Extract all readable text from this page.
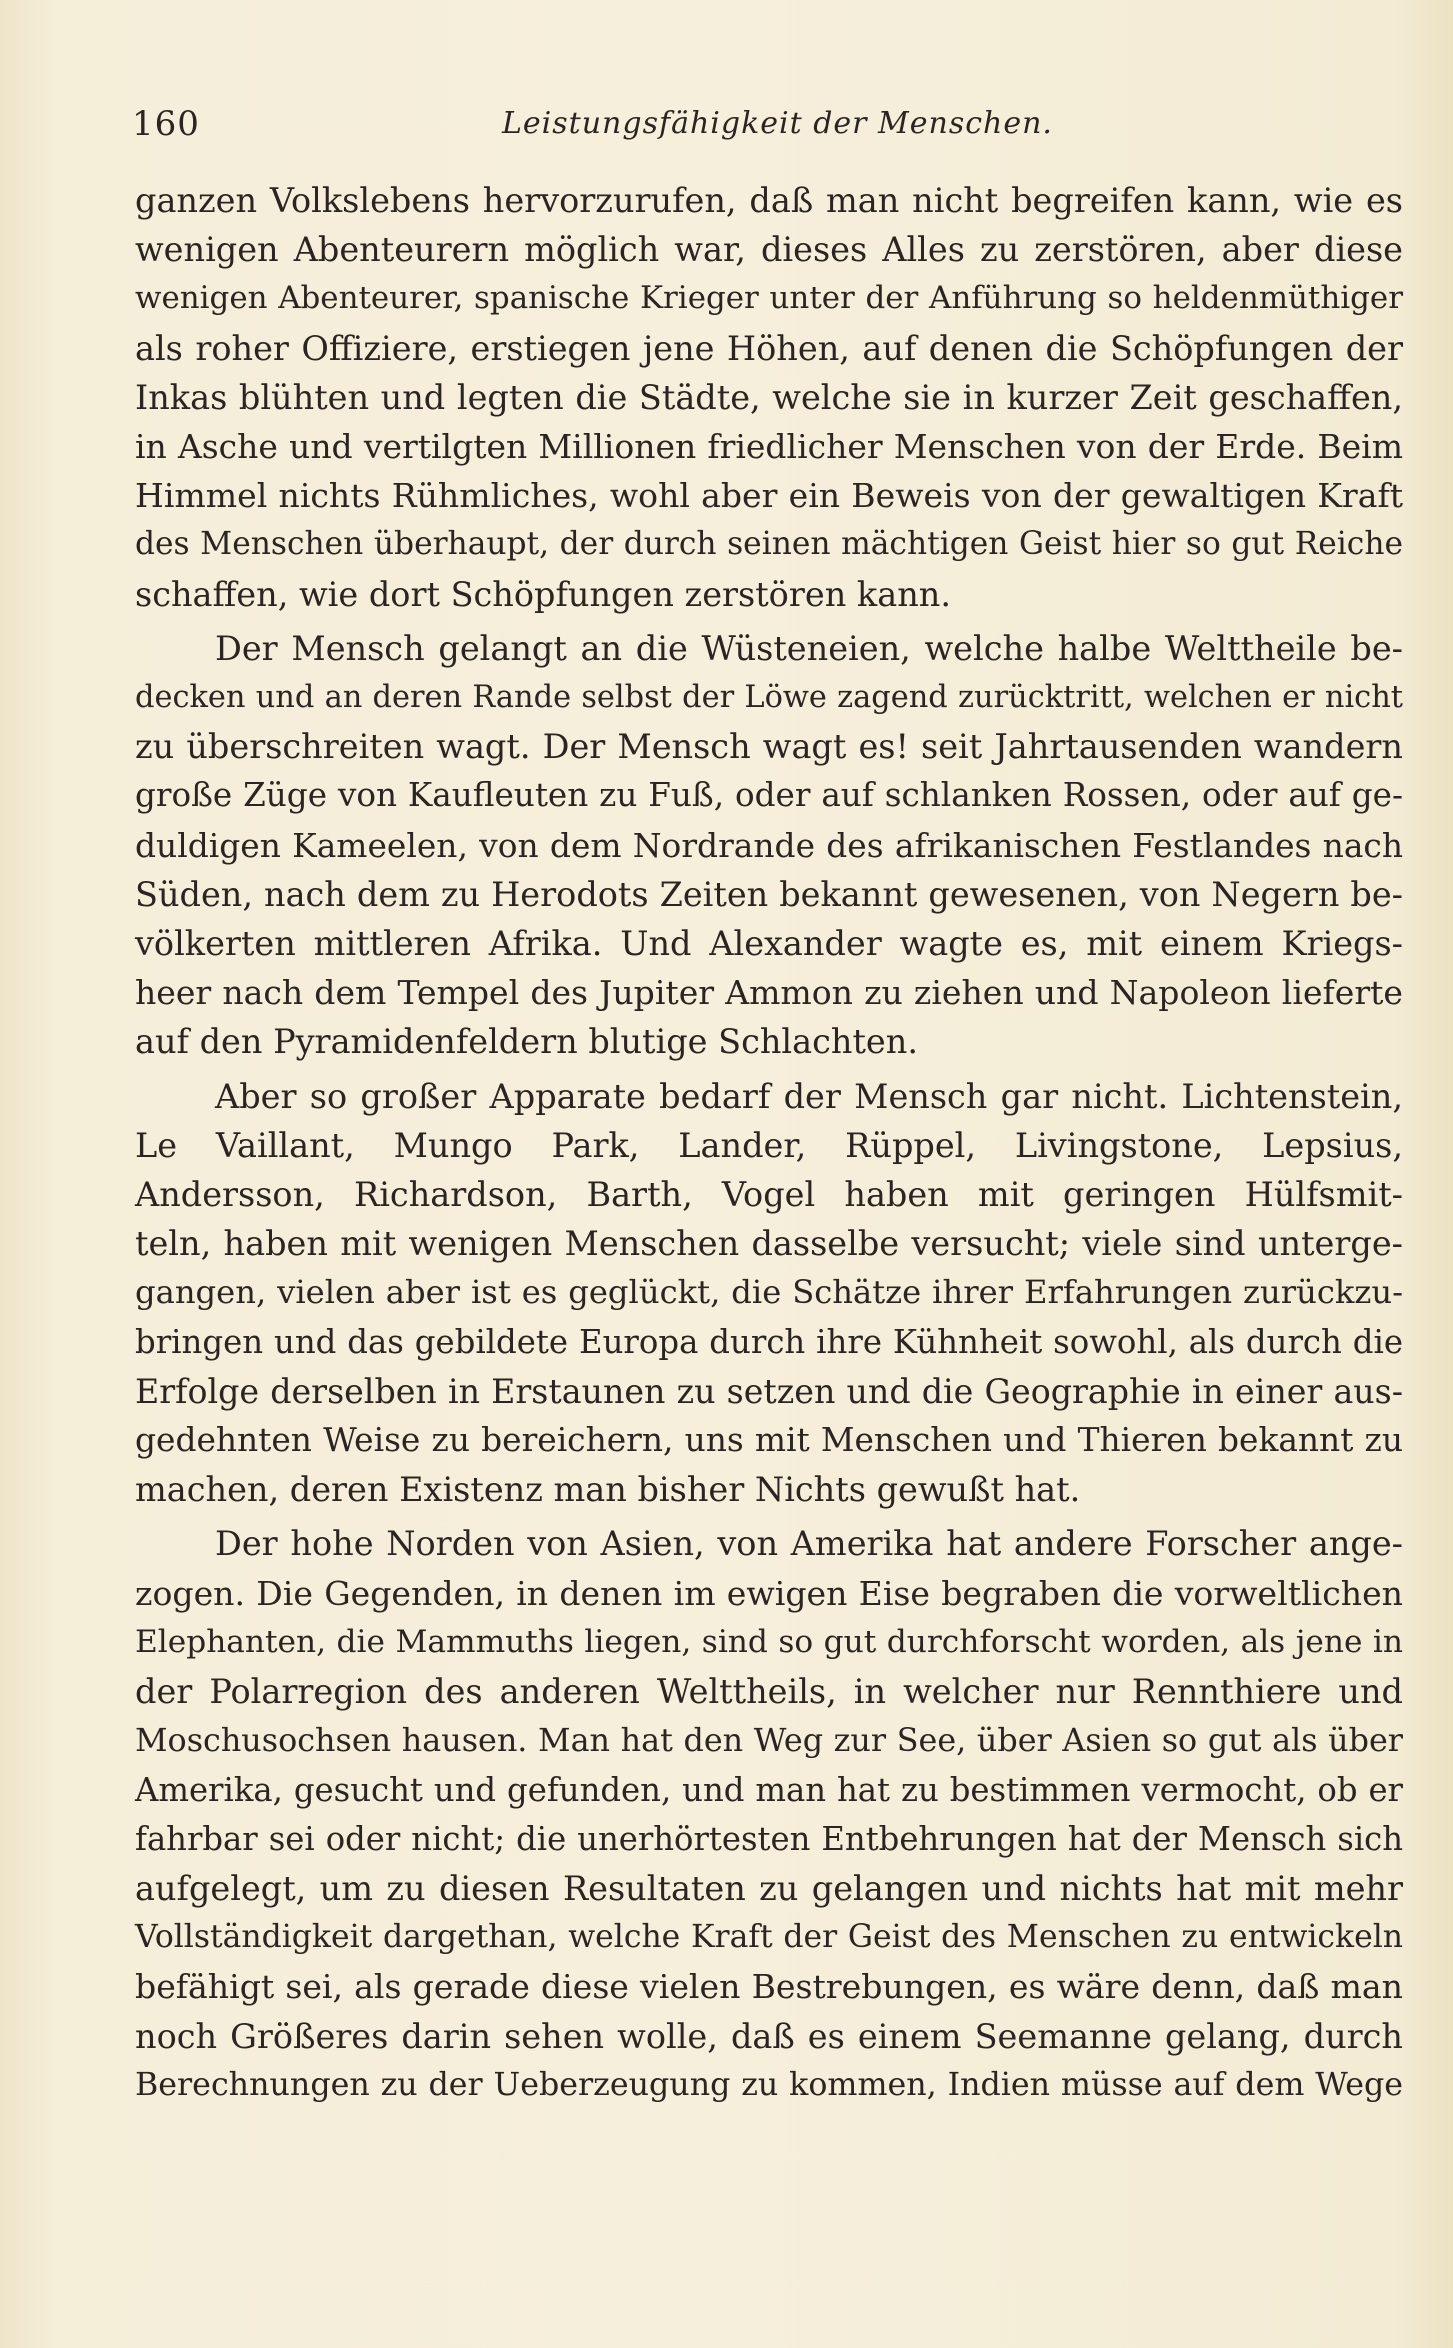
160	Leistungsfähigkeit der Menschen.
ganzen Volkslebens hervorzurufen, daß man nicht begreifen kann, wie es
wenigen Abenteurern möglich war, dieses Alles zu zerstören, aber diese
wenigen Abenteurer, spanische Krieger unter der Anführung so heldenmüthiger
als roher Offiziere, erstiegen jene Höhen, auf denen die Schöpfungen der
Inkas blühten und legten die Städte, welche sie in kurzer Zeit geschaffen,
in Asche und vertilgten Millionen friedlicher Menschen von der Erde. Beim
Himmel nichts Rühmliches, wohl aber ein Beweis von der gewaltigen Kraft
des Menschen überhaupt, der durch seinen mächtigen Geist hier so gut Reiche
schaffen, wie dort Schöpfungen zerstören kann.
Der Mensch gelangt an die Wüsteneien, welche halbe Welttheile be-
decken und an deren Rande selbst der Löwe zagend zurücktritt, welchen er nicht
zu überschreiten wagt. Der Mensch wagt es! seit Jahrtausenden wandern
große Züge von Kaufleuten zu Fuß, oder auf schlanken Rossen, oder auf ge-
duldigen Kameelen, von dem Nordrande des afrikanischen Festlandes nach
Süden, nach dem zu Herodots Zeiten bekannt gewesenen, von Negern be-
völkerten mittleren Afrika. Und Alexander wagte es, mit einem Kriegs-
heer nach dem Tempel des Jupiter Ammon zu ziehen und Napoleon lieferte
auf den Pyramidenfeldern blutige Schlachten.
Aber so großer Apparate bedarf der Mensch gar nicht. Lichtenstein,
Le Vaillant, Mungo Park, Lander, Rüppel, Livingstone, Lepsius,
Andersson, Richardson, Barth, Vogel haben mit geringen Hülfsmit-
teln, haben mit wenigen Menschen dasselbe versucht; viele sind unterge-
gangen, vielen aber ist es geglückt, die Schätze ihrer Erfahrungen zurückzu-
bringen und das gebildete Europa durch ihre Kühnheit sowohl, als durch die
Erfolge derselben in Erstaunen zu setzen und die Geographie in einer aus-
gedehnten Weise zu bereichern, uns mit Menschen und Thieren bekannt zu
machen, deren Existenz man bisher Nichts gewußt hat.
Der hohe Norden von Asien, von Amerika hat andere Forscher ange-
zogen. Die Gegenden, in denen im ewigen Eise begraben die vorweltlichen
Elephanten, die Mammuths liegen, sind so gut durchforscht worden, als jene in
der Polarregion des anderen Welttheils, in welcher nur Rennthiere und
Moschusochsen hausen. Man hat den Weg zur See, über Asien so gut als über
Amerika, gesucht und gefunden, und man hat zu bestimmen vermocht, ob er
fahrbar sei oder nicht; die unerhörtesten Entbehrungen hat der Mensch sich
aufgelegt, um zu diesen Resultaten zu gelangen und nichts hat mit mehr
Vollständigkeit dargethan, welche Kraft der Geist des Menschen zu entwickeln
befähigt sei, als gerade diese vielen Bestrebungen, es wäre denn, daß man
noch Größeres darin sehen wolle, daß es einem Seemanne gelang, durch
Berechnungen zu der Ueberzeugung zu kommen, Indien müsse auf dem Wege
